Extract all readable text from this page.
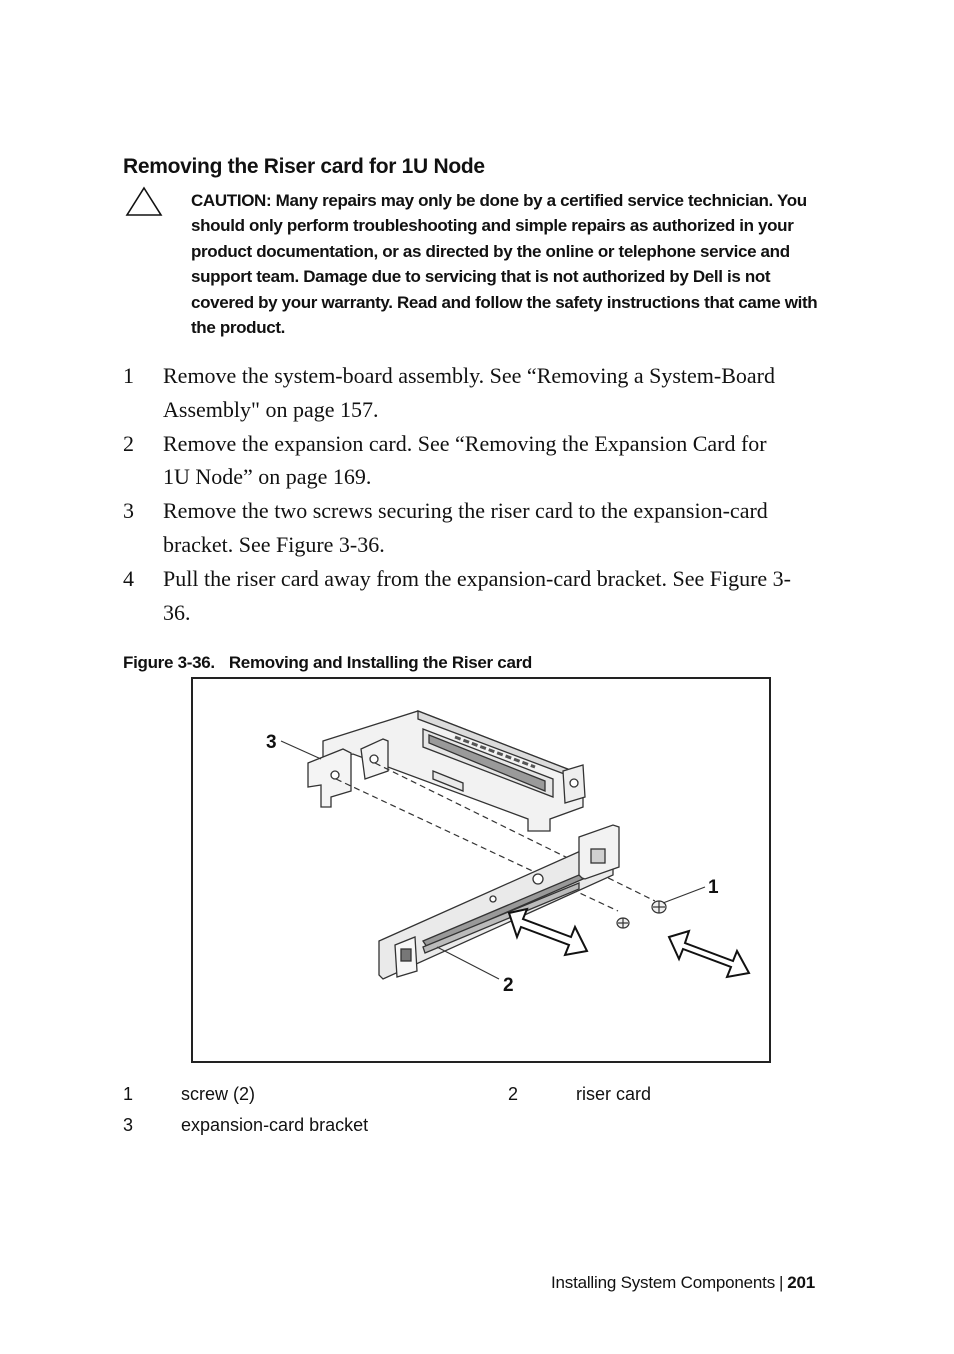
Removing the Riser card for 1U Node
CAUTION: Many repairs may only be done by a certified service technician. You
should only perform troubleshooting and simple repairs as authorized in your
product documentation, or as directed by the online or telephone service and
support team. Damage due to servicing that is not authorized by Dell is not
covered by your warranty. Read and follow the safety instructions that came with
the product.
1	Remove the system-board assembly. See “Removing a System-Board
Assembly" on page 157.
2	Remove the expansion card. See “Removing the Expansion Card for
1U Node” on page 169.
3	Remove the two screws securing the riser card to the expansion-card
bracket. See Figure 3-36.
4	Pull the riser card away from the expansion-card bracket. See Figure 3-
36.
Figure 3-36. Removing and Installing the Riser card
3
1
2
1	screw (2)	2	riser card
3	expansion-card bracket
Installing System Components | 201
